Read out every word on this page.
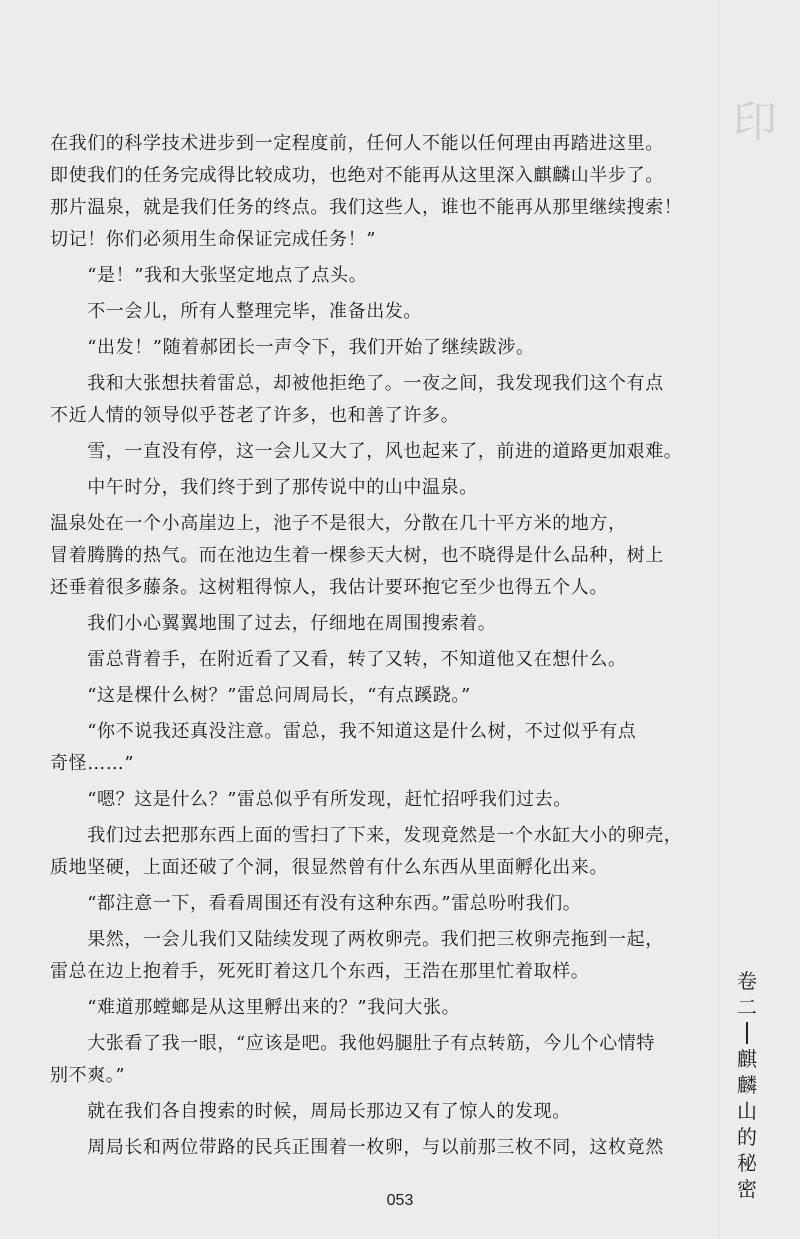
印

在我们的科学技术进步到一定程度前，任何人不能以任何理由再踏进这里。

即使我们的任务完成得比较成功，也绝对不能再从这里深入麒麟山半步了。

那片温泉，就是我们任务的终点。我们这些人，谁也不能再从那里继续搜索！

切记！你们必须用生命保证完成任务！”

　　“是！”我和大张坚定地点了点头。

　　不一会儿，所有人整理完毕，准备出发。

　　“出发！”随着郝团长一声令下，我们开始了继续跋涉。

　　我和大张想扶着雷总，却被他拒绝了。一夜之间，我发现我们这个有点

不近人情的领导似乎苍老了许多，也和善了许多。

　　雪，一直没有停，这一会儿又大了，风也起来了，前进的道路更加艰难。

　　中午时分，我们终于到了那传说中的山中温泉。

温泉处在一个小高崖边上，池子不是很大，分散在几十平方米的地方，

冒着腾腾的热气。而在池边生着一棵参天大树，也不晓得是什么品种，树上

还垂着很多藤条。这树粗得惊人，我估计要环抱它至少也得五个人。

　　我们小心翼翼地围了过去，仔细地在周围搜索着。

　　雷总背着手，在附近看了又看，转了又转，不知道他又在想什么。

　　“这是棵什么树？”雷总问周局长，“有点蹊跷。”

　　“你不说我还真没注意。雷总，我不知道这是什么树，不过似乎有点

奇怪……”

　　“嗯？这是什么？”雷总似乎有所发现，赶忙招呼我们过去。

　　我们过去把那东西上面的雪扫了下来，发现竟然是一个水缸大小的卵壳，

质地坚硬，上面还破了个洞，很显然曾有什么东西从里面孵化出来。

　　“都注意一下，看看周围还有没有这种东西。”雷总吩咐我们。

　　果然，一会儿我们又陆续发现了两枚卵壳。我们把三枚卵壳拖到一起，

雷总在边上抱着手，死死盯着这几个东西，王浩在那里忙着取样。

　　“难道那螳螂是从这里孵出来的？”我问大张。

　　大张看了我一眼，“应该是吧。我他妈腿肚子有点转筋，今儿个心情特

别不爽。”

　　就在我们各自搜索的时候，周局长那边又有了惊人的发现。

　　周局长和两位带路的民兵正围着一枚卵，与以前那三枚不同，这枚竟然

卷
二
麒
麟
山
的
秘
密
053
